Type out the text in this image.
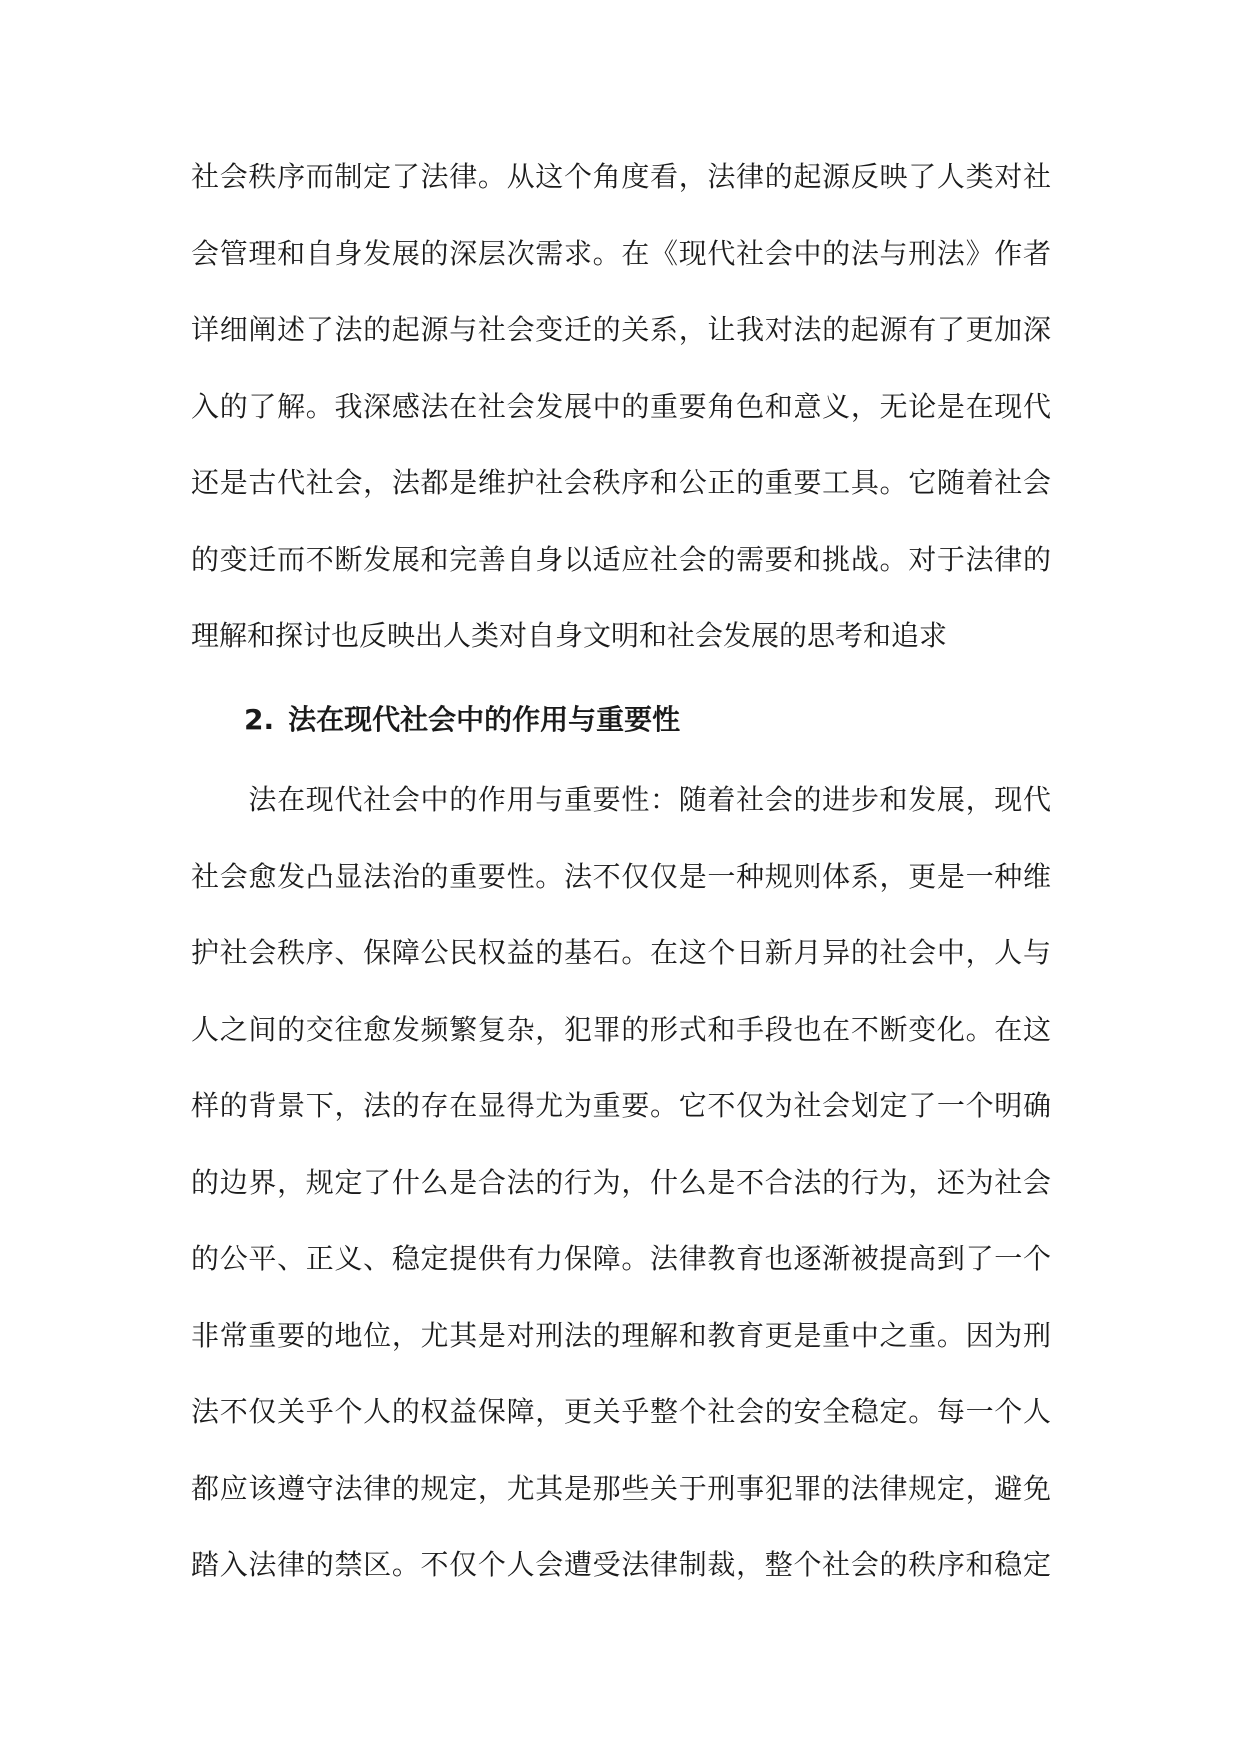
社会秩序而制定了法律。从这个角度看，法律的起源反映了人类对社
会管理和自身发展的深层次需求。在《现代社会中的法与刑法》作者
详细阐述了法的起源与社会变迁的关系，让我对法的起源有了更加深
入的了解。我深感法在社会发展中的重要角色和意义，无论是在现代
还是古代社会，法都是维护社会秩序和公正的重要工具。它随着社会
的变迁而不断发展和完善自身以适应社会的需要和挑战。对于法律的
理解和探讨也反映出人类对自身文明和社会发展的思考和追求
2. 法在现代社会中的作用与重要性
　　法在现代社会中的作用与重要性：随着社会的进步和发展，现代
社会愈发凸显法治的重要性。法不仅仅是一种规则体系，更是一种维
护社会秩序、保障公民权益的基石。在这个日新月异的社会中，人与
人之间的交往愈发频繁复杂，犯罪的形式和手段也在不断变化。在这
样的背景下，法的存在显得尤为重要。它不仅为社会划定了一个明确
的边界，规定了什么是合法的行为，什么是不合法的行为，还为社会
的公平、正义、稳定提供有力保障。法律教育也逐渐被提高到了一个
非常重要的地位，尤其是对刑法的理解和教育更是重中之重。因为刑
法不仅关乎个人的权益保障，更关乎整个社会的安全稳定。每一个人
都应该遵守法律的规定，尤其是那些关于刑事犯罪的法律规定，避免
踏入法律的禁区。不仅个人会遭受法律制裁，整个社会的秩序和稳定
